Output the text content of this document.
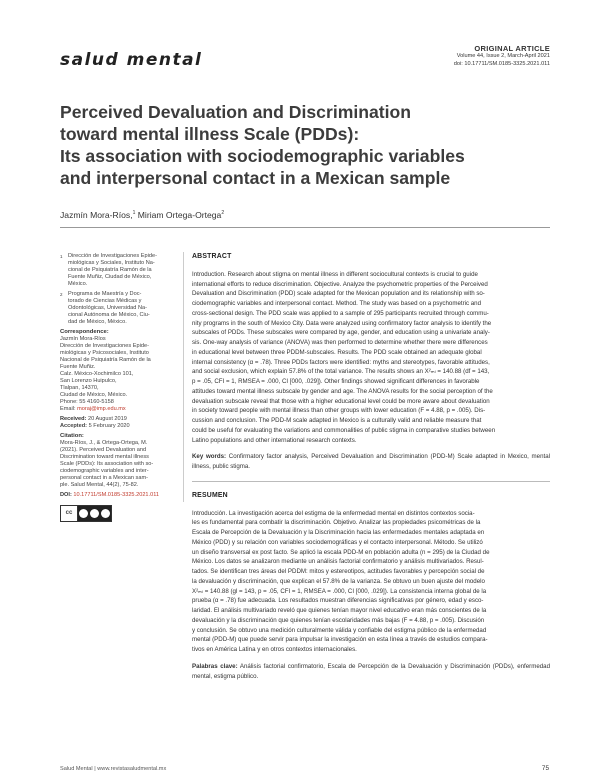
salud mental
ORIGINAL ARTICLE
Volume 44, Issue 2, March-April 2021
doi: 10.17711/SM.0185-3325.2021.011
Perceived Devaluation and Discrimination
toward mental illness Scale (PDDs):
Its association with sociodemographic variables
and interpersonal contact in a Mexican sample
Jazmín Mora-Ríos,$^1$ Miriam Ortega-Ortega$^2$
1 Dirección de Investigaciones Epide-
miológicas y Sociales, Instituto Na-
cional de Psiquiatría Ramón de la
Fuente Muñiz, Ciudad de México,
México.
2 Programa de Maestría y Doc-
torado de Ciencias Médicas y
Odontológicas, Universidad Na-
cional Autónoma de México, Ciu-
dad de México, México.
Correspondence:
Jazmín Mora-Ríos
Dirección de Investigaciones Epide-
miológicas y Psicosociales, Instituto
Nacional de Psiquiatría Ramón de la
Fuente Muñiz.
Calz. México-Xochimilco 101,
San Lorenzo Huipulco,
Tlalpan, 14370,
Ciudad de México, México.
Phone: 55 4160-5158
Email: moraj@imp.edu.mx
Received: 20 August 2019
Accepted: 5 February 2020
Citation:
Mora-Ríos, J., & Ortega-Ortega, M.
(2021). Perceived Devaluation and
Discrimination toward mental illness
Scale (PDDs): Its association with so-
ciodemographic variables and inter-
personal contact in a Mexican sam-
ple. Salud Mental, 44(2), 75-82.
DOI: 10.17711/SM.0185-3325.2021.011
cc
ABSTRACT
Introduction. Research about stigma on mental illness in different sociocultural contexts is crucial to guide
international efforts to reduce discrimination. Objective. Analyze the psychometric properties of the Perceived
Devaluation and Discrimination (PDD) scale adapted for the Mexican population and its relationship with so-
ciodemographic variables and interpersonal contact. Method. The study was based on a psychometric and
cross-sectional design. The PDD scale was applied to a sample of 295 participants recruited through commu-
nity programs in the south of Mexico City. Data were analyzed using confirmatory factor analysis to identify the
subscales of PDDs. These subscales were compared by age, gender, and education using a univariate analy-
sis. One-way analysis of variance (ANOVA) was then performed to determine whether there were differences
in educational level between three PDDM-subscales. Results. The PDD scale obtained an adequate global
internal consistency (α = .78). Three PDDs factors were identified: myths and stereotypes, favorable attitudes,
and social exclusion, which explain 57.8% of the total variance. The results shows an X²ₘₗ = 140.88 (df = 143,
p = .05, CFI = 1, RMSEA = .000, CI [000, .029]). Other findings showed significant differences in favorable
attitudes toward mental illness subscale by gender and age. The ANOVA results for the social perception of the
devaluation subscale reveal that those with a higher educational level could be more aware about devaluation
in society toward people with mental illness than other groups with lower education (F = 4.88, p = .005). Dis-
cussion and conclusion. The PDD-M scale adapted in Mexico is a culturally valid and reliable measure that
could be useful for evaluating the variations and commonalities of public stigma in comparative studies between
Latino populations and other international research contexts.
Key words: Confirmatory factor analysis, Perceived Devaluation and Discrimination (PDD-M) Scale adapted in Mexico, mental illness, public stigma.
RESUMEN
Introducción. La investigación acerca del estigma de la enfermedad mental en distintos contextos socia-
les es fundamental para combatir la discriminación. Objetivo. Analizar las propiedades psicométricas de la
Escala de Percepción de la Devaluación y la Discriminación hacia las enfermedades mentales adaptada en
México (PDD) y su relación con variables sociodemográficas y el contacto interpersonal. Método. Se utilizó
un diseño transversal ex post facto. Se aplicó la escala PDD-M en población adulta (n = 295) de la Ciudad de
México. Los datos se analizaron mediante un análisis factorial confirmatorio y análisis multivariados. Resul-
tados. Se identifican tres áreas del PDDM: mitos y estereotipos, actitudes favorables y percepción social de
la devaluación y discriminación, que explican el 57.8% de la varianza. Se obtuvo un buen ajuste del modelo
X²ₘₗ = 140.88 (gl = 143, p = .05, CFI = 1, RMSEA = .000, CI [000, .029]). La consistencia interna global de la
prueba (α = .78) fue adecuada. Los resultados muestran diferencias significativas por género, edad y esco-
laridad. El análisis multivariado reveló que quienes tenían mayor nivel educativo eran más conscientes de la
devaluación y la discriminación que quienes tenían escolaridades más bajas (F = 4.88, p = .005). Discusión
y conclusión. Se obtuvo una medición culturalmente válida y confiable del estigma público de la enfermedad
mental (PDD-M) que puede servir para impulsar la investigación en esta línea a través de estudios compara-
tivos en América Latina y en otros contextos internacionales.
Palabras clave: Análisis factorial confirmatorio, Escala de Percepción de la Devaluación y Discriminación (PDDs), enfermedad mental, estigma público.
Salud Mental | www.revistasaludmental.mx	75
